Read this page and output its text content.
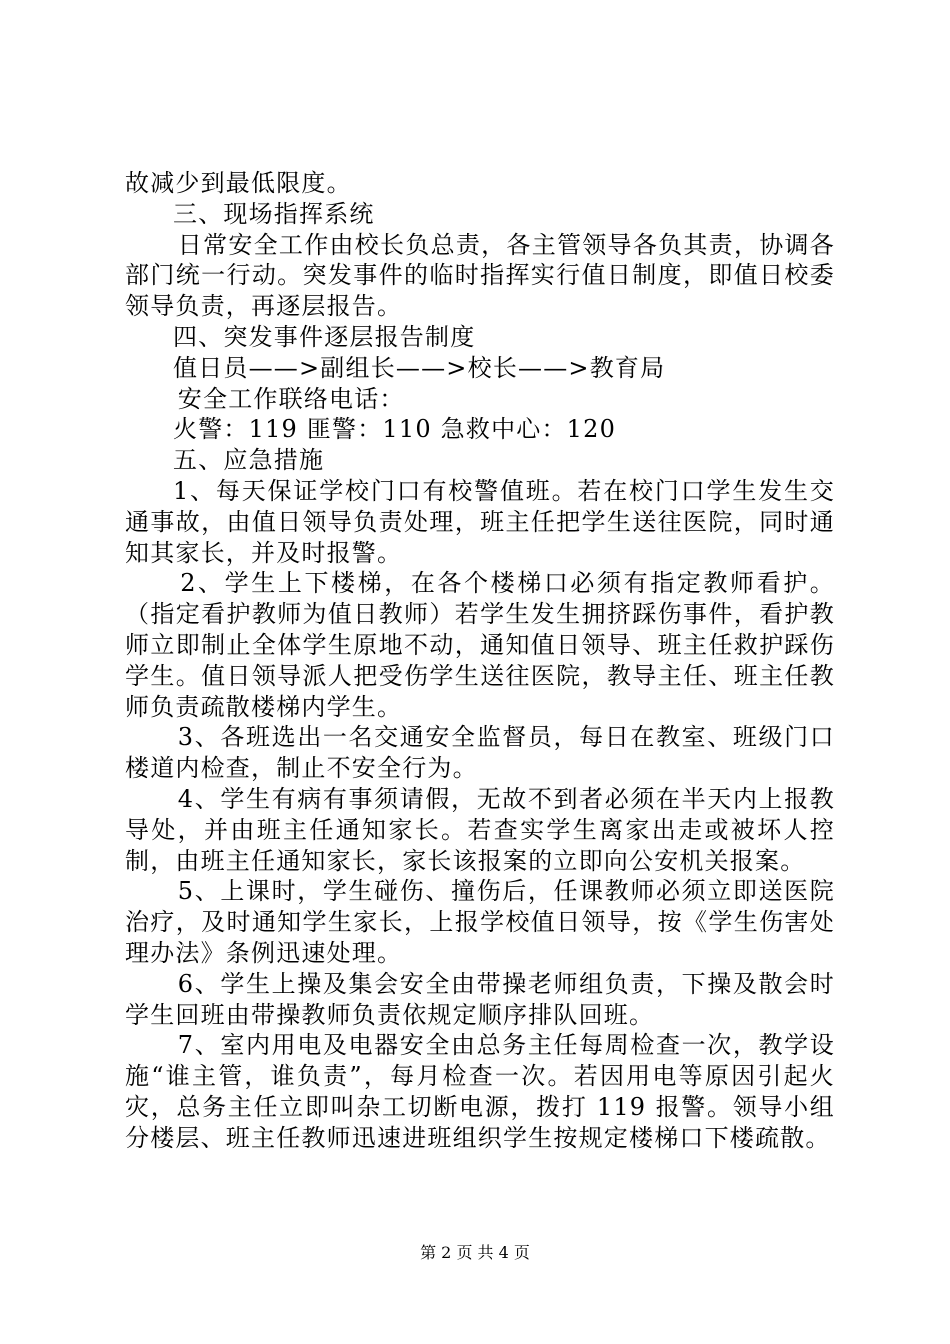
故减少到最低限度。

三、现场指挥系统

日常安全工作由校长负总责，各主管领导各负其责，协调各部门统一行动。突发事件的临时指挥实行值日制度，即值日校委领导负责，再逐层报告。

四、突发事件逐层报告制度

值日员——>副组长——>校长——>教育局

安全工作联络电话：

火警：119 匪警：110 急救中心：120

五、应急措施

1、每天保证学校门口有校警值班。若在校门口学生发生交通事故，由值日领导负责处理，班主任把学生送往医院，同时通知其家长，并及时报警。

2、学生上下楼梯，在各个楼梯口必须有指定教师看护。（指定看护教师为值日教师）若学生发生拥挤踩伤事件，看护教师立即制止全体学生原地不动，通知值日领导、班主任救护踩伤学生。值日领导派人把受伤学生送往医院，教导主任、班主任教师负责疏散楼梯内学生。

3、各班选出一名交通安全监督员，每日在教室、班级门口楼道内检查，制止不安全行为。

4、学生有病有事须请假，无故不到者必须在半天内上报教导处，并由班主任通知家长。若查实学生离家出走或被坏人控制，由班主任通知家长，家长该报案的立即向公安机关报案。

5、上课时，学生碰伤、撞伤后，任课教师必须立即送医院治疗，及时通知学生家长，上报学校值日领导，按《学生伤害处理办法》条例迅速处理。

6、学生上操及集会安全由带操老师组负责，下操及散会时学生回班由带操教师负责依规定顺序排队回班。

7、室内用电及电器安全由总务主任每周检查一次，教学设施“谁主管，谁负责”，每月检查一次。若因用电等原因引起火灾，总务主任立即叫杂工切断电源，拨打 119 报警。领导小组分楼层、班主任教师迅速进班组织学生按规定楼梯口下楼疏散。

第 2 页 共 4 页
